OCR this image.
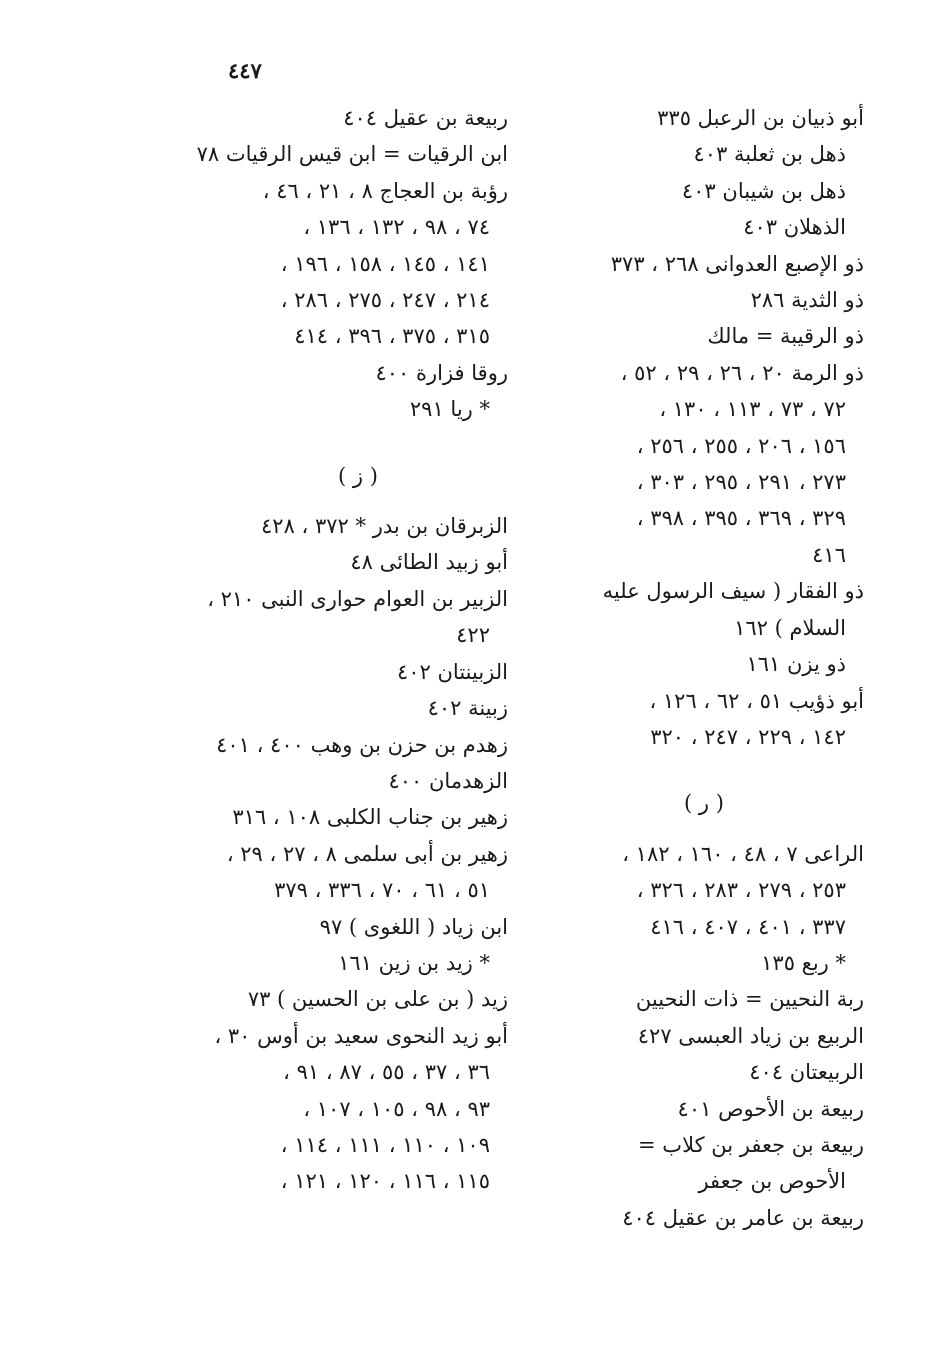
٤٤٧
أبو ذبيان بن الرعبل ٣٣٥
ذهل بن ثعلبة ٤٠٣
ذهل بن شيبان ٤٠٣
الذهلان ٤٠٣
ذو الإصبع العدوانى ٢٦٨ ، ٣٧٣
ذو الثدية ٢٨٦
ذو الرقيبة = مالك
ذو الرمة ٢٠ ، ٢٦ ، ٢٩ ، ٥٢ ،
٧٢ ، ٧٣ ، ١١٣ ، ١٣٠ ،
١٥٦ ، ٢٠٦ ، ٢٥٥ ، ٢٥٦ ،
٢٧٣ ، ٢٩١ ، ٢٩٥ ، ٣٠٣ ،
٣٢٩ ، ٣٦٩ ، ٣٩٥ ، ٣٩٨ ،
٤١٦
ذو الفقار ( سيف الرسول عليه
السلام ) ١٦٢
ذو يزن ١٦١
أبو ذؤيب ٥١ ، ٦٢ ، ١٢٦ ،
١٤٢ ، ٢٢٩ ، ٢٤٧ ، ٣٢٠
( ر )
الراعى ٧ ، ٤٨ ، ١٦٠ ، ١٨٢ ،
٢٥٣ ، ٢٧٩ ، ٢٨٣ ، ٣٢٦ ،
٣٣٧ ، ٤٠١ ، ٤٠٧ ، ٤١٦
* ربع ١٣٥
ربة النحيين = ذات النحيين
الربيع بن زياد العبسى ٤٢٧
الربيعتان ٤٠٤
ربيعة بن الأحوص ٤٠١
ربيعة بن جعفر بن كلاب =
الأحوص بن جعفر
ربيعة بن عامر بن عقيل ٤٠٤
ربيعة بن عقيل ٤٠٤
ابن الرقيات = ابن قيس الرقيات ٧٨
رؤبة بن العجاج ٨ ، ٢١ ، ٤٦ ،
٧٤ ، ٩٨ ، ١٣٢ ، ١٣٦ ،
١٤١ ، ١٤٥ ، ١٥٨ ، ١٩٦ ،
٢١٤ ، ٢٤٧ ، ٢٧٥ ، ٢٨٦ ،
٣١٥ ، ٣٧٥ ، ٣٩٦ ، ٤١٤
روقا فزارة ٤٠٠
* ريا ٢٩١
( ز )
الزبرقان بن بدر * ٣٧٢ ، ٤٢٨
أبو زبيد الطائى ٤٨
الزبير بن العوام حوارى النبى ٢١٠ ،
٤٢٢
الزبينتان ٤٠٢
زبينة ٤٠٢
زهدم بن حزن بن وهب ٤٠٠ ، ٤٠١
الزهدمان ٤٠٠
زهير بن جناب الكلبى ١٠٨ ، ٣١٦
زهير بن أبى سلمى ٨ ، ٢٧ ، ٢٩ ،
٥١ ، ٦١ ، ٧٠ ، ٣٣٦ ، ٣٧٩
ابن زياد ( اللغوى ) ٩٧
* زيد بن زين ١٦١
زيد ( بن على بن الحسين ) ٧٣
أبو زيد النحوى سعيد بن أوس ٣٠ ،
٣٦ ، ٣٧ ، ٥٥ ، ٨٧ ، ٩١ ،
٩٣ ، ٩٨ ، ١٠٥ ، ١٠٧ ،
١٠٩ ، ١١٠ ، ١١١ ، ١١٤ ،
١١٥ ، ١١٦ ، ١٢٠ ، ١٢١ ،
